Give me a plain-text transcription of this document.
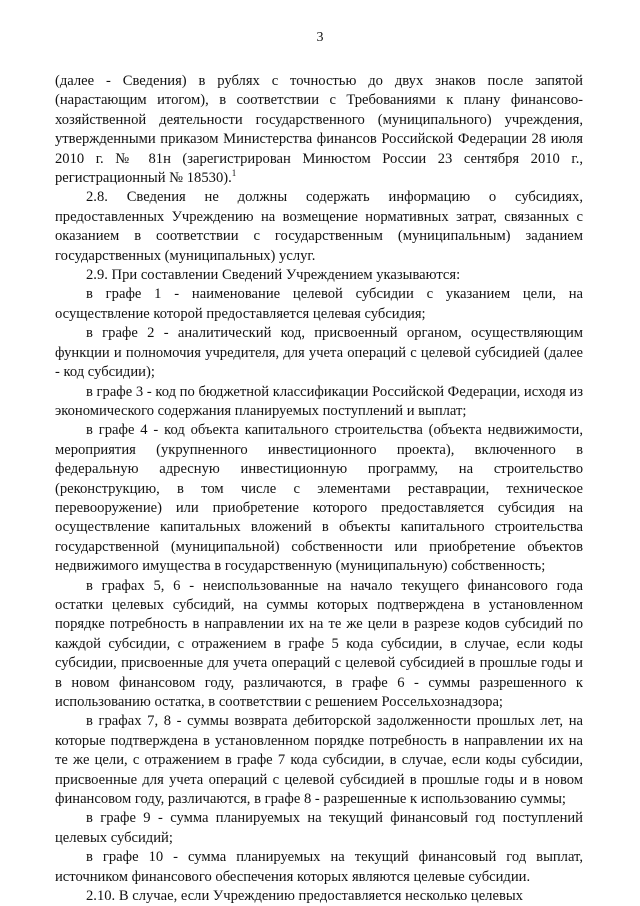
3

(далее - Сведения) в рублях с точностью до двух знаков после запятой (нарастающим итогом), в соответствии с Требованиями к плану финансово-хозяйственной деятельности государственного (муниципального) учреждения, утвержденными приказом Министерства финансов Российской Федерации 28 июля 2010 г. № 81н (зарегистрирован Минюстом России 23 сентября 2010 г., регистрационный № 18530).$^1$

2.8. Сведения не должны содержать информацию о субсидиях, предоставленных Учреждению на возмещение нормативных затрат, связанных с оказанием в соответствии с государственным (муниципальным) заданием государственных (муниципальных) услуг.

2.9. При составлении Сведений Учреждением указываются:

в графе 1 - наименование целевой субсидии с указанием цели, на осуществление которой предоставляется целевая субсидия;

в графе 2 - аналитический код, присвоенный органом, осуществляющим функции и полномочия учредителя, для учета операций с целевой субсидией (далее - код субсидии);

в графе 3 - код по бюджетной классификации Российской Федерации, исходя из экономического содержания планируемых поступлений и выплат;

в графе 4 - код объекта капитального строительства (объекта недвижимости, мероприятия (укрупненного инвестиционного проекта), включенного в федеральную адресную инвестиционную программу, на строительство (реконструкцию, в том числе с элементами реставрации, техническое перевооружение) или приобретение которого предоставляется субсидия на осуществление капитальных вложений в объекты капитального строительства государственной (муниципальной) собственности или приобретение объектов недвижимого имущества в государственную (муниципальную) собственность;

в графах 5, 6 - неиспользованные на начало текущего финансового года остатки целевых субсидий, на суммы которых подтверждена в установленном порядке потребность в направлении их на те же цели в разрезе кодов субсидий по каждой субсидии, с отражением в графе 5 кода субсидии, в случае, если коды субсидии, присвоенные для учета операций с целевой субсидией в прошлые годы и в новом финансовом году, различаются, в графе 6 - суммы разрешенного к использованию остатка, в соответствии с решением Россельхознадзора;

в графах 7, 8 - суммы возврата дебиторской задолженности прошлых лет, на которые подтверждена в установленном порядке потребность в направлении их на те же цели, с отражением в графе 7 кода субсидии, в случае, если коды субсидии, присвоенные для учета операций с целевой субсидией в прошлые годы и в новом финансовом году, различаются, в графе 8 - разрешенные к использованию суммы;

в графе 9 - сумма планируемых на текущий финансовый год поступлений целевых субсидий;

в графе 10 - сумма планируемых на текущий финансовый год выплат, источником финансового обеспечения которых являются целевые субсидии.

2.10. В случае, если Учреждению предоставляется несколько целевых
